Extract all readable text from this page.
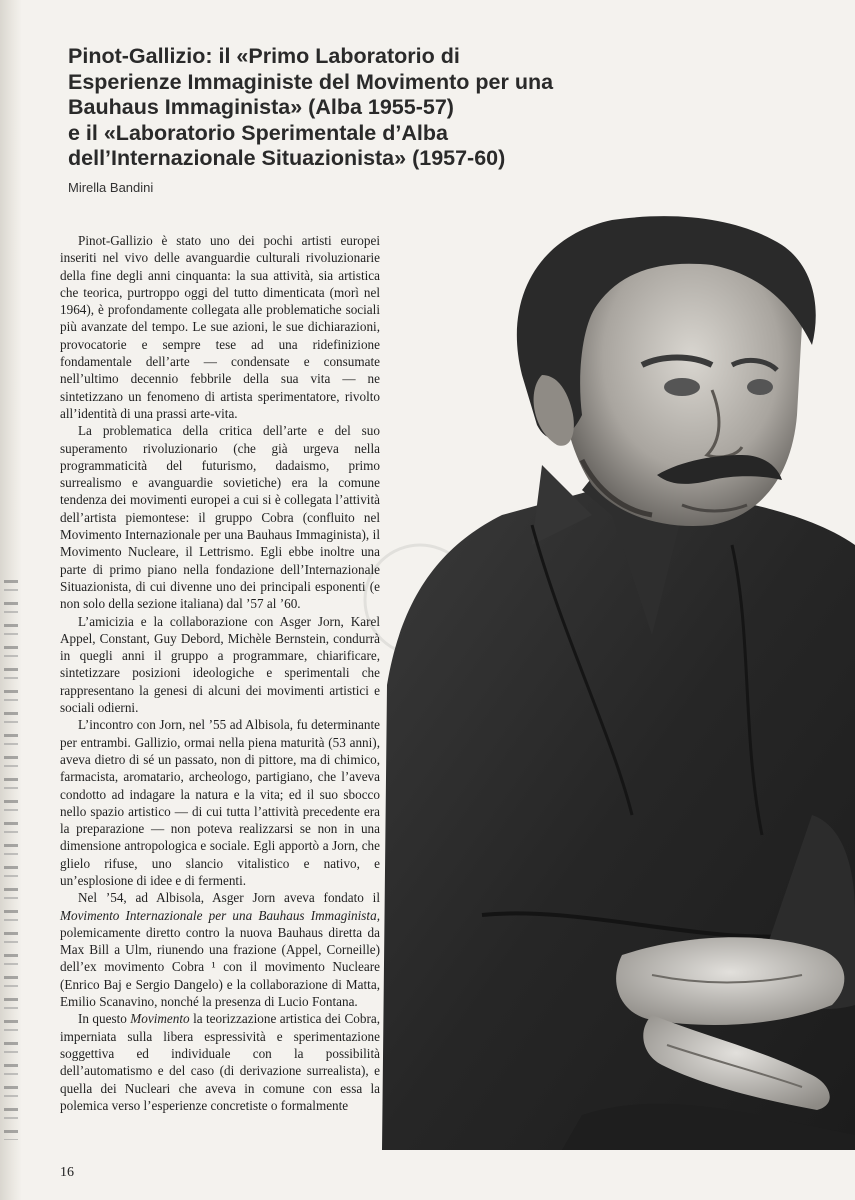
Pinot-Gallizio: il «Primo Laboratorio di
Esperienze Immaginiste del Movimento per una
Bauhaus Immaginista» (Alba 1955-57)
e il «Laboratorio Sperimentale d’Alba
dell’Internazionale Situazionista» (1957-60)
Mirella Bandini

Pinot-Gallizio è stato uno dei pochi artisti europei inseriti nel vivo delle avanguardie culturali rivoluzionarie della fine degli anni cinquanta: la sua attività, sia artistica che teorica, purtroppo oggi del tutto dimenticata (morì nel 1964), è profondamente collegata alle problematiche sociali più avanzate del tempo. Le sue azioni, le sue dichiarazioni, provocatorie e sempre tese ad una ridefinizione fondamentale dell’arte — condensate e consumate nell’ultimo decennio febbrile della sua vita — ne sintetizzano un fenomeno di artista sperimentatore, rivolto all’identità di una prassi arte-vita.

La problematica della critica dell’arte e del suo superamento rivoluzionario (che già urgeva nella programmaticità del futurismo, dadaismo, primo surrealismo e avanguardie sovietiche) era la comune tendenza dei movimenti europei a cui si è collegata l’attività dell’artista piemontese: il gruppo Cobra (confluito nel Movimento Internazionale per una Bauhaus Immaginista), il Movimento Nucleare, il Lettrismo. Egli ebbe inoltre una parte di primo piano nella fondazione dell’Internazionale Situazionista, di cui divenne uno dei principali esponenti (e non solo della sezione italiana) dal ’57 al ’60.

L’amicizia e la collaborazione con Asger Jorn, Karel Appel, Constant, Guy Debord, Michèle Bernstein, condurrà in quegli anni il gruppo a programmare, chiarificare, sintetizzare posizioni ideologiche e sperimentali che rappresentano la genesi di alcuni dei movimenti artistici e sociali odierni.

L’incontro con Jorn, nel ’55 ad Albisola, fu determinante per entrambi. Gallizio, ormai nella piena maturità (53 anni), aveva dietro di sé un passato, non di pittore, ma di chimico, farmacista, aromatario, archeologo, partigiano, che l’aveva condotto ad indagare la natura e la vita; ed il suo sbocco nello spazio artistico — di cui tutta l’attività precedente era la preparazione — non poteva realizzarsi se non in una dimensione antropologica e sociale. Egli apportò a Jorn, che glielo rifuse, uno slancio vitalistico e nativo, e un’esplosione di idee e di fermenti.

Nel ’54, ad Albisola, Asger Jorn aveva fondato il Movimento Internazionale per una Bauhaus Immaginista, polemicamente diretto contro la nuova Bauhaus diretta da Max Bill a Ulm, riunendo una frazione (Appel, Corneille) dell’ex movimento Cobra ¹ con il movimento Nucleare (Enrico Baj e Sergio Dangelo) e la collaborazione di Matta, Emilio Scanavino, nonché la presenza di Lucio Fontana.

In questo Movimento la teorizzazione artistica dei Cobra, imperniata sulla libera espressività e sperimentazione soggettiva ed individuale con la possibilità dell’automatismo e del caso (di derivazione surrealista), e quella dei Nucleari che aveva in comune con essa la polemica verso l’esperienze concretiste o formalmente

16
